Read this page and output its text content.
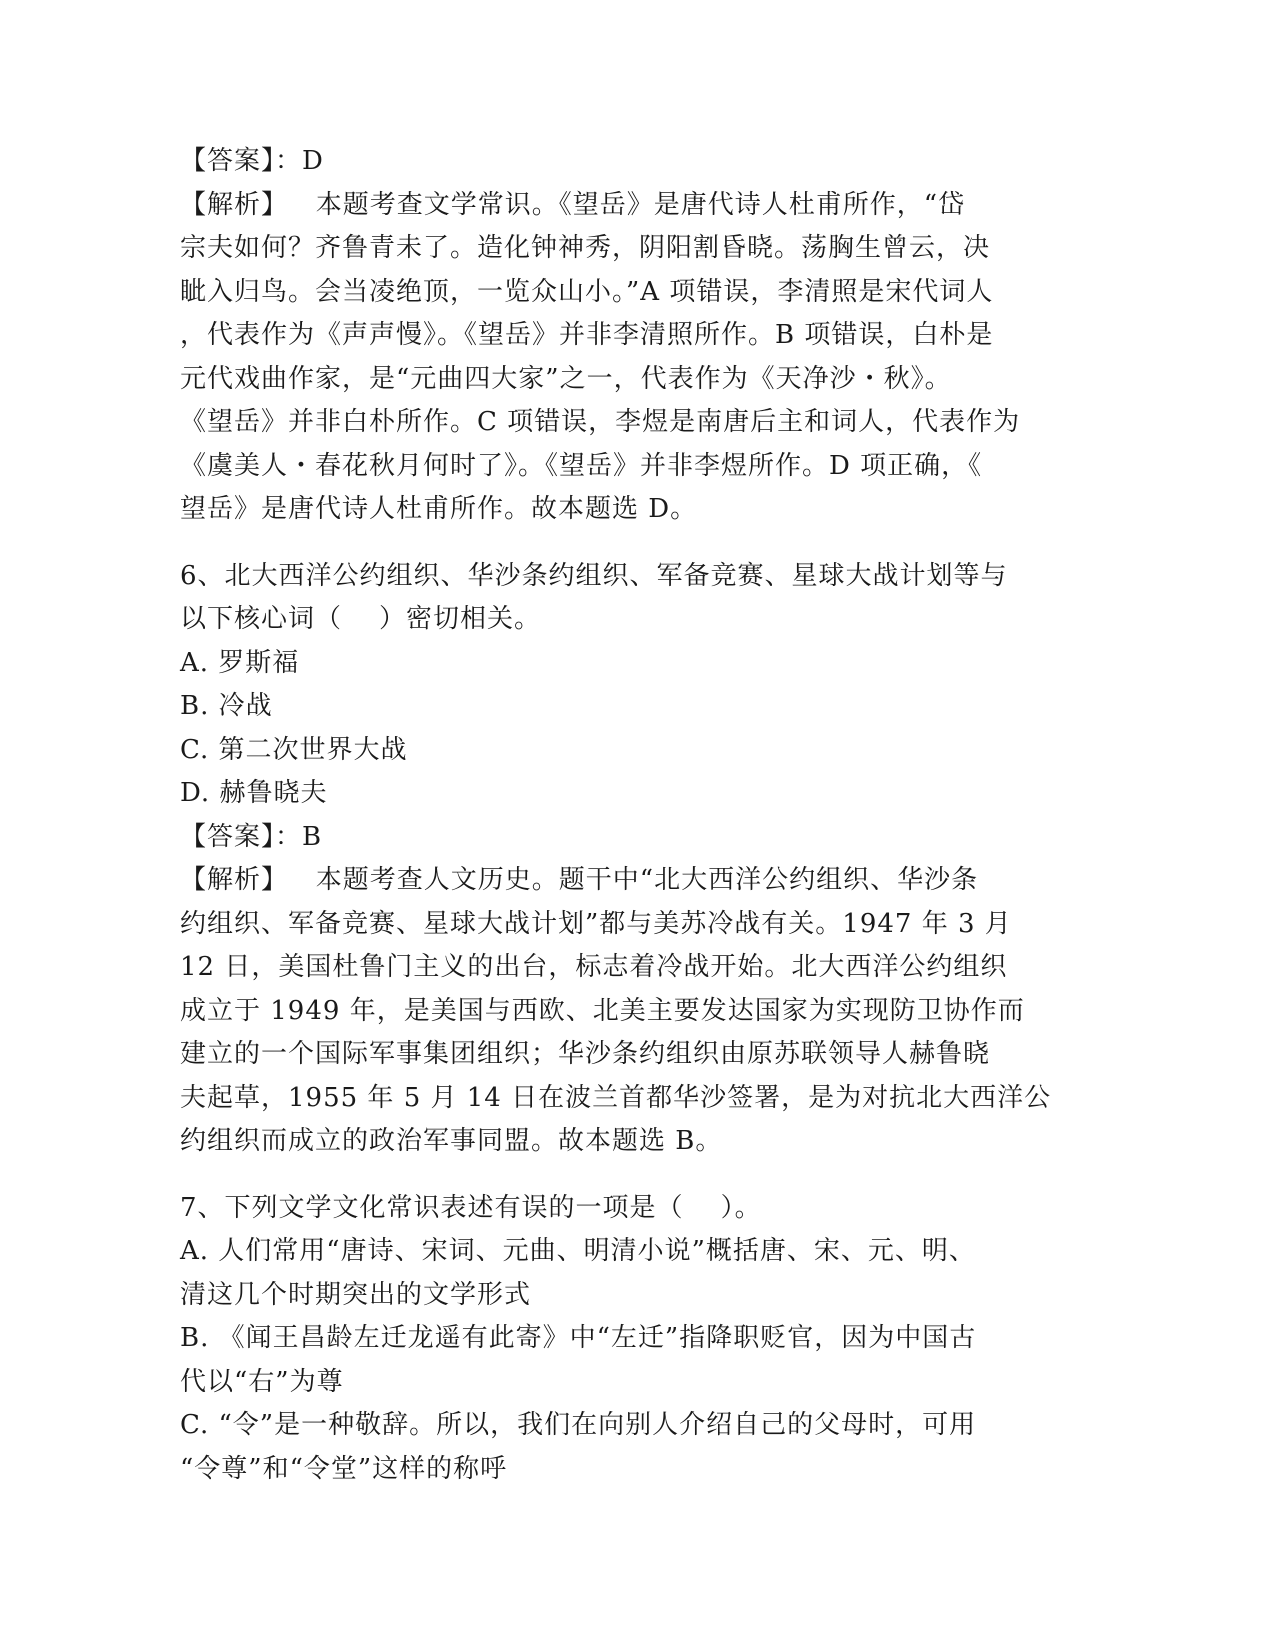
【答案】：D
【解析】   本题考查文学常识。《望岳》是唐代诗人杜甫所作，“岱
宗夫如何？齐鲁青未了。造化钟神秀，阴阳割昏晓。荡胸生曾云，决
眦入归鸟。会当凌绝顶，一览众山小。”A 项错误，李清照是宋代词人
，代表作为《声声慢》。《望岳》并非李清照所作。B 项错误，白朴是
元代戏曲作家，是“元曲四大家”之一，代表作为《天净沙・秋》。
《望岳》并非白朴所作。C 项错误，李煜是南唐后主和词人，代表作为
《虞美人・春花秋月何时了》。《望岳》并非李煜所作。D 项正确，《
望岳》是唐代诗人杜甫所作。故本题选 D。
6、北大西洋公约组织、华沙条约组织、军备竞赛、星球大战计划等与
以下核心词（    ）密切相关。
A. 罗斯福
B. 冷战
C. 第二次世界大战
D. 赫鲁晓夫
【答案】：B
【解析】   本题考查人文历史。题干中“北大西洋公约组织、华沙条
约组织、军备竞赛、星球大战计划”都与美苏冷战有关。1947 年 3 月
12 日，美国杜鲁门主义的出台，标志着冷战开始。北大西洋公约组织
成立于 1949 年，是美国与西欧、北美主要发达国家为实现防卫协作而
建立的一个国际军事集团组织；华沙条约组织由原苏联领导人赫鲁晓
夫起草，1955 年 5 月 14 日在波兰首都华沙签署，是为对抗北大西洋公
约组织而成立的政治军事同盟。故本题选 B。
7、下列文学文化常识表述有误的一项是（    ）。
A. 人们常用“唐诗、宋词、元曲、明清小说”概括唐、宋、元、明、
清这几个时期突出的文学形式
B. 《闻王昌龄左迁龙遥有此寄》中“左迁”指降职贬官，因为中国古
代以“右”为尊
C. “令”是一种敬辞。所以，我们在向别人介绍自己的父母时，可用
“令尊”和“令堂”这样的称呼
